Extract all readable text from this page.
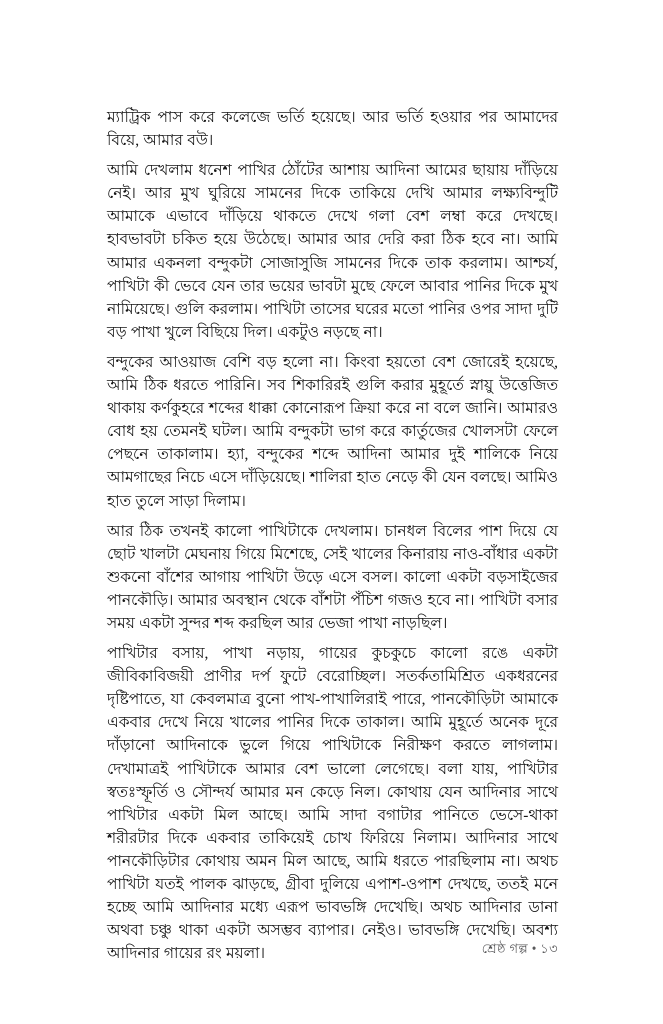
ম্যাট্রিক পাস করে কলেজে ভর্তি হয়েছে। আর ভর্তি হওয়ার পর আমাদের বিয়ে, আমার বউ।

আমি দেখলাম ধনেশ পাখির ঠোঁটের আশায় আদিনা আমের ছায়ায় দাঁড়িয়ে নেই। আর মুখ ঘুরিয়ে সামনের দিকে তাকিয়ে দেখি আমার লক্ষ্যবিন্দুটি আমাকে এভাবে দাঁড়িয়ে থাকতে দেখে গলা বেশ লম্বা করে দেখছে। হাবভাবটা চকিত হয়ে উঠেছে। আমার আর দেরি করা ঠিক হবে না। আমি আমার একনলা বন্দুকটা সোজাসুজি সামনের দিকে তাক করলাম। আশ্চর্য, পাখিটা কী ভেবে যেন তার ভয়ের ভাবটা মুছে ফেলে আবার পানির দিকে মুখ নামিয়েছে। গুলি করলাম। পাখিটা তাসের ঘরের মতো পানির ওপর সাদা দুটি বড় পাখা খুলে বিছিয়ে দিল। একটুও নড়ছে না।

বন্দুকের আওয়াজ বেশি বড় হলো না। কিংবা হয়তো বেশ জোরেই হয়েছে, আমি ঠিক ধরতে পারিনি। সব শিকারিরই গুলি করার মুহূর্তে স্নায়ু উত্তেজিত থাকায় কর্ণকুহরে শব্দের ধাক্কা কোনোরূপ ক্রিয়া করে না বলে জানি। আমারও বোধ হয় তেমনই ঘটল। আমি বন্দুকটা ভাগ করে কার্তুজের খোলসটা ফেলে পেছনে তাকালাম। হ্যা, বন্দুকের শব্দে আদিনা আমার দুই শালিকে নিয়ে আমগাছের নিচে এসে দাঁড়িয়েছে। শালিরা হাত নেড়ে কী যেন বলছে। আমিও হাত তুলে সাড়া দিলাম।

আর ঠিক তখনই কালো পাখিটাকে দেখলাম। চানধল বিলের পাশ দিয়ে যে ছোট খালটা মেঘনায় গিয়ে মিশেছে, সেই খালের কিনারায় নাও-বাঁধার একটা শুকনো বাঁশের আগায় পাখিটা উড়ে এসে বসল। কালো একটা বড়সাইজের পানকৌড়ি। আমার অবস্থান থেকে বাঁশটা পঁচিশ গজও হবে না। পাখিটা বসার সময় একটা সুন্দর শব্দ করছিল আর ভেজা পাখা নাড়ছিল।

পাখিটার বসায়, পাখা নড়ায়, গায়ের কুচকুচে কালো রঙে একটা জীবিকাবিজয়ী প্রাণীর দর্প ফুটে বেরোচ্ছিল। সতর্কতামিশ্রিত একধরনের দৃষ্টিপাতে, যা কেবলমাত্র বুনো পাখ-পাখালিরাই পারে, পানকৌড়িটা আমাকে একবার দেখে নিয়ে খালের পানির দিকে তাকাল। আমি মুহূর্তে অনেক দূরে দাঁড়ানো আদিনাকে ভুলে গিয়ে পাখিটাকে নিরীক্ষণ করতে লাগলাম। দেখামাত্রই পাখিটাকে আমার বেশ ভালো লেগেছে। বলা যায়, পাখিটার স্বতঃস্ফূর্তি ও সৌন্দর্য আমার মন কেড়ে নিল। কোথায় যেন আদিনার সাথে পাখিটার একটা মিল আছে। আমি সাদা বগাটার পানিতে ভেসে-থাকা শরীরটার দিকে একবার তাকিয়েই চোখ ফিরিয়ে নিলাম। আদিনার সাথে পানকৌড়িটার কোথায় অমন মিল আছে, আমি ধরতে পারছিলাম না। অথচ পাখিটা যতই পালক ঝাড়ছে, গ্রীবা দুলিয়ে এপাশ-ওপাশ দেখছে, ততই মনে হচ্ছে আমি আদিনার মধ্যে এরূপ ভাবভঙ্গি দেখেছি। অথচ আদিনার ডানা অথবা চঞ্চু থাকা একটা অসম্ভব ব্যাপার। নেইও। ভাবভঙ্গি দেখেছি। অবশ্য আদিনার গায়ের রং ময়লা।	শ্রেষ্ঠ গল্প • ১৩
